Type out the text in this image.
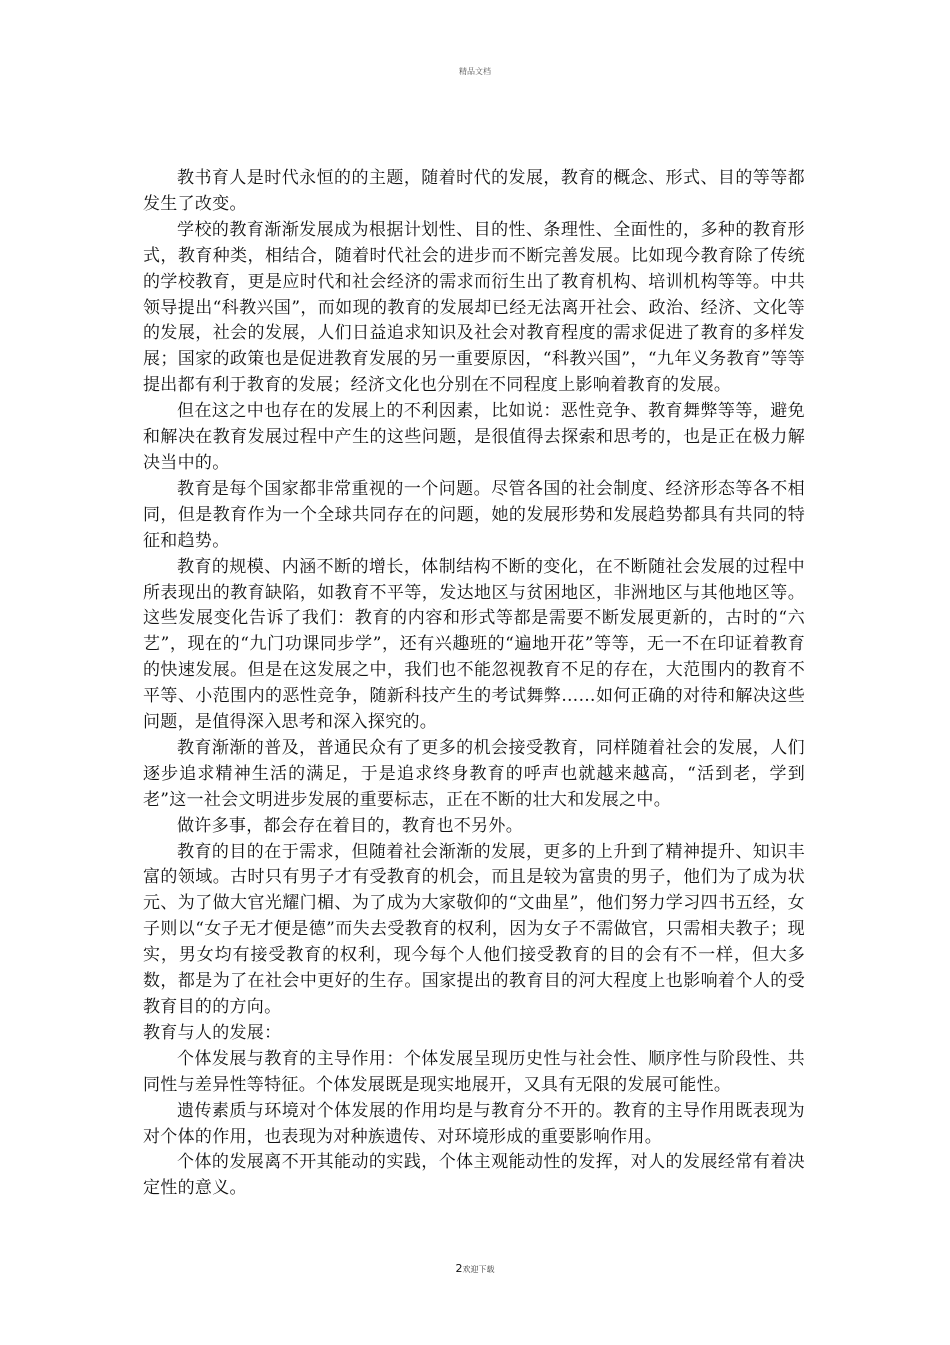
精品文档

教书育人是时代永恒的的主题，随着时代的发展，教育的概念、形式、目的等等都发生了改变。

学校的教育渐渐发展成为根据计划性、目的性、条理性、全面性的，多种的教育形式，教育种类，相结合，随着时代社会的进步而不断完善发展。比如现今教育除了传统的学校教育，更是应时代和社会经济的需求而衍生出了教育机构、培训机构等等。中共领导提出“科教兴国”，而如现的教育的发展却已经无法离开社会、政治、经济、文化等的发展，社会的发展，人们日益追求知识及社会对教育程度的需求促进了教育的多样发展；国家的政策也是促进教育发展的另一重要原因，“科教兴国”，“九年义务教育”等等提出都有利于教育的发展；经济文化也分别在不同程度上影响着教育的发展。

但在这之中也存在的发展上的不利因素，比如说：恶性竞争、教育舞弊等等，避免和解决在教育发展过程中产生的这些问题，是很值得去探索和思考的，也是正在极力解决当中的。

教育是每个国家都非常重视的一个问题。尽管各国的社会制度、经济形态等各不相同，但是教育作为一个全球共同存在的问题，她的发展形势和发展趋势都具有共同的特征和趋势。

教育的规模、内涵不断的增长，体制结构不断的变化，在不断随社会发展的过程中所表现出的教育缺陷，如教育不平等，发达地区与贫困地区，非洲地区与其他地区等。这些发展变化告诉了我们：教育的内容和形式等都是需要不断发展更新的，古时的“六艺”，现在的“九门功课同步学”，还有兴趣班的“遍地开花”等等，无一不在印证着教育的快速发展。但是在这发展之中，我们也不能忽视教育不足的存在，大范围内的教育不平等、小范围内的恶性竞争，随新科技产生的考试舞弊……如何正确的对待和解决这些问题，是值得深入思考和深入探究的。

教育渐渐的普及，普通民众有了更多的机会接受教育，同样随着社会的发展，人们逐步追求精神生活的满足，于是追求终身教育的呼声也就越来越高，“活到老，学到老”这一社会文明进步发展的重要标志，正在不断的壮大和发展之中。

做许多事，都会存在着目的，教育也不另外。

教育的目的在于需求，但随着社会渐渐的发展，更多的上升到了精神提升、知识丰富的领域。古时只有男子才有受教育的机会，而且是较为富贵的男子，他们为了成为状元、为了做大官光耀门楣、为了成为大家敬仰的“文曲星”，他们努力学习四书五经，女子则以“女子无才便是德”而失去受教育的权利，因为女子不需做官，只需相夫教子；现实，男女均有接受教育的权利，现今每个人他们接受教育的目的会有不一样，但大多数，都是为了在社会中更好的生存。国家提出的教育目的河大程度上也影响着个人的受教育目的的方向。

教育与人的发展：

个体发展与教育的主导作用：个体发展呈现历史性与社会性、顺序性与阶段性、共同性与差异性等特征。个体发展既是现实地展开，又具有无限的发展可能性。

遗传素质与环境对个体发展的作用均是与教育分不开的。教育的主导作用既表现为对个体的作用，也表现为对种族遗传、对环境形成的重要影响作用。

个体的发展离不开其能动的实践，个体主观能动性的发挥，对人的发展经常有着决定性的意义。

2欢迎下载
